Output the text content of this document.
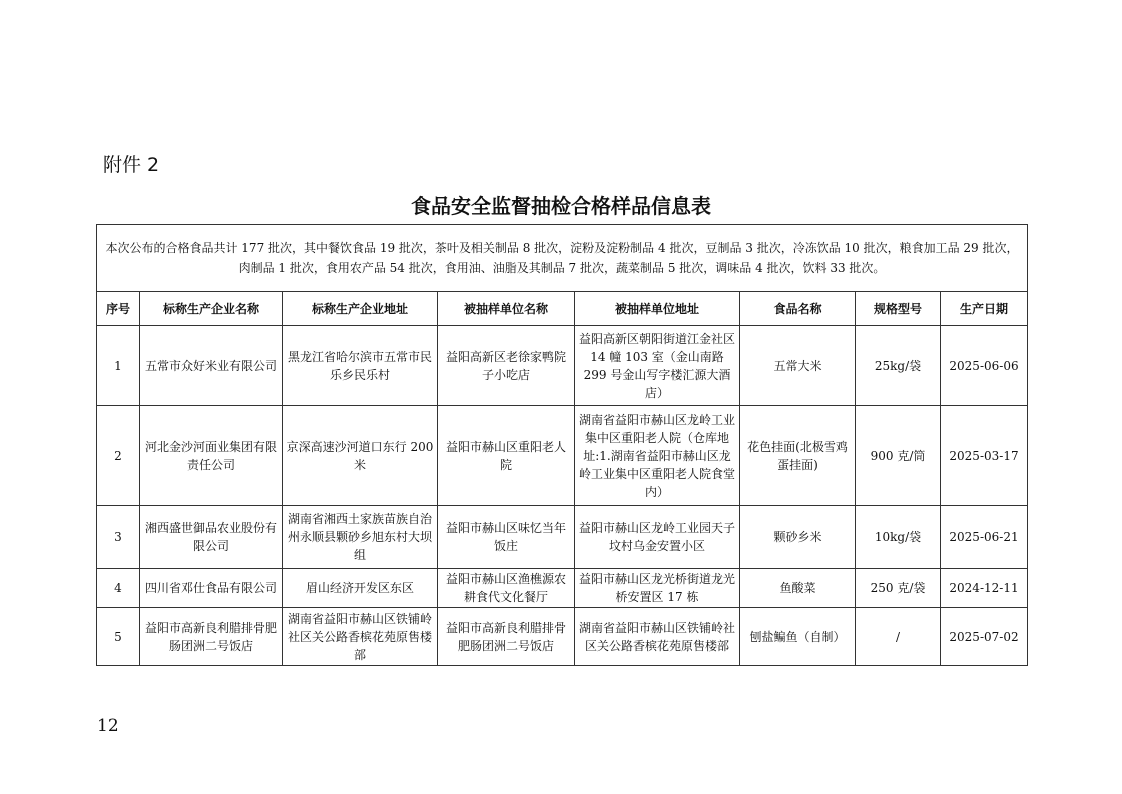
附件 2
食品安全监督抽检合格样品信息表
本次公布的合格食品共计 177 批次，其中餐饮食品 19 批次，茶叶及相关制品 8 批次，淀粉及淀粉制品 4 批次，豆制品 3 批次，冷冻饮品 10 批次，粮食加工品 29 批次，肉制品 1 批次，食用农产品 54 批次，食用油、油脂及其制品 7 批次，蔬菜制品 5 批次，调味品 4 批次，饮料 33 批次。							
序号	标称生产企业名称	标称生产企业地址	被抽样单位名称	被抽样单位地址	食品名称	规格型号	生产日期
1	五常市众好米业有限公司	黑龙江省哈尔滨市五常市民乐乡民乐村	益阳高新区老徐家鸭院子小吃店	益阳高新区朝阳街道江金社区 14 幢 103 室（金山南路 299 号金山写字楼汇源大酒店）	五常大米	25kg/袋	2025-06-06
2	河北金沙河面业集团有限责任公司	京深高速沙河道口东行 200 米	益阳市赫山区重阳老人院	湖南省益阳市赫山区龙岭工业集中区重阳老人院（仓库地址:1.湖南省益阳市赫山区龙岭工业集中区重阳老人院食堂内）	花色挂面(北极雪鸡蛋挂面)	900 克/筒	2025-03-17
3	湘西盛世御品农业股份有限公司	湖南省湘西土家族苗族自治州永顺县颗砂乡旭东村大坝组	益阳市赫山区味忆当年饭庄	益阳市赫山区龙岭工业园天子坟村乌金安置小区	颗砂乡米	10kg/袋	2025-06-21
4	四川省邓仕食品有限公司	眉山经济开发区东区	益阳市赫山区渔樵源农耕食代文化餐厅	益阳市赫山区龙光桥街道龙光桥安置区 17 栋	鱼酸菜	250 克/袋	2024-12-11
5	益阳市高新良利腊排骨肥肠团洲二号饭店	湖南省益阳市赫山区铁铺岭社区关公路香槟花苑原售楼部	益阳市高新良利腊排骨肥肠团洲二号饭店	湖南省益阳市赫山区铁铺岭社区关公路香槟花苑原售楼部	刨盐鳊鱼（自制）	/	2025-07-02
12
